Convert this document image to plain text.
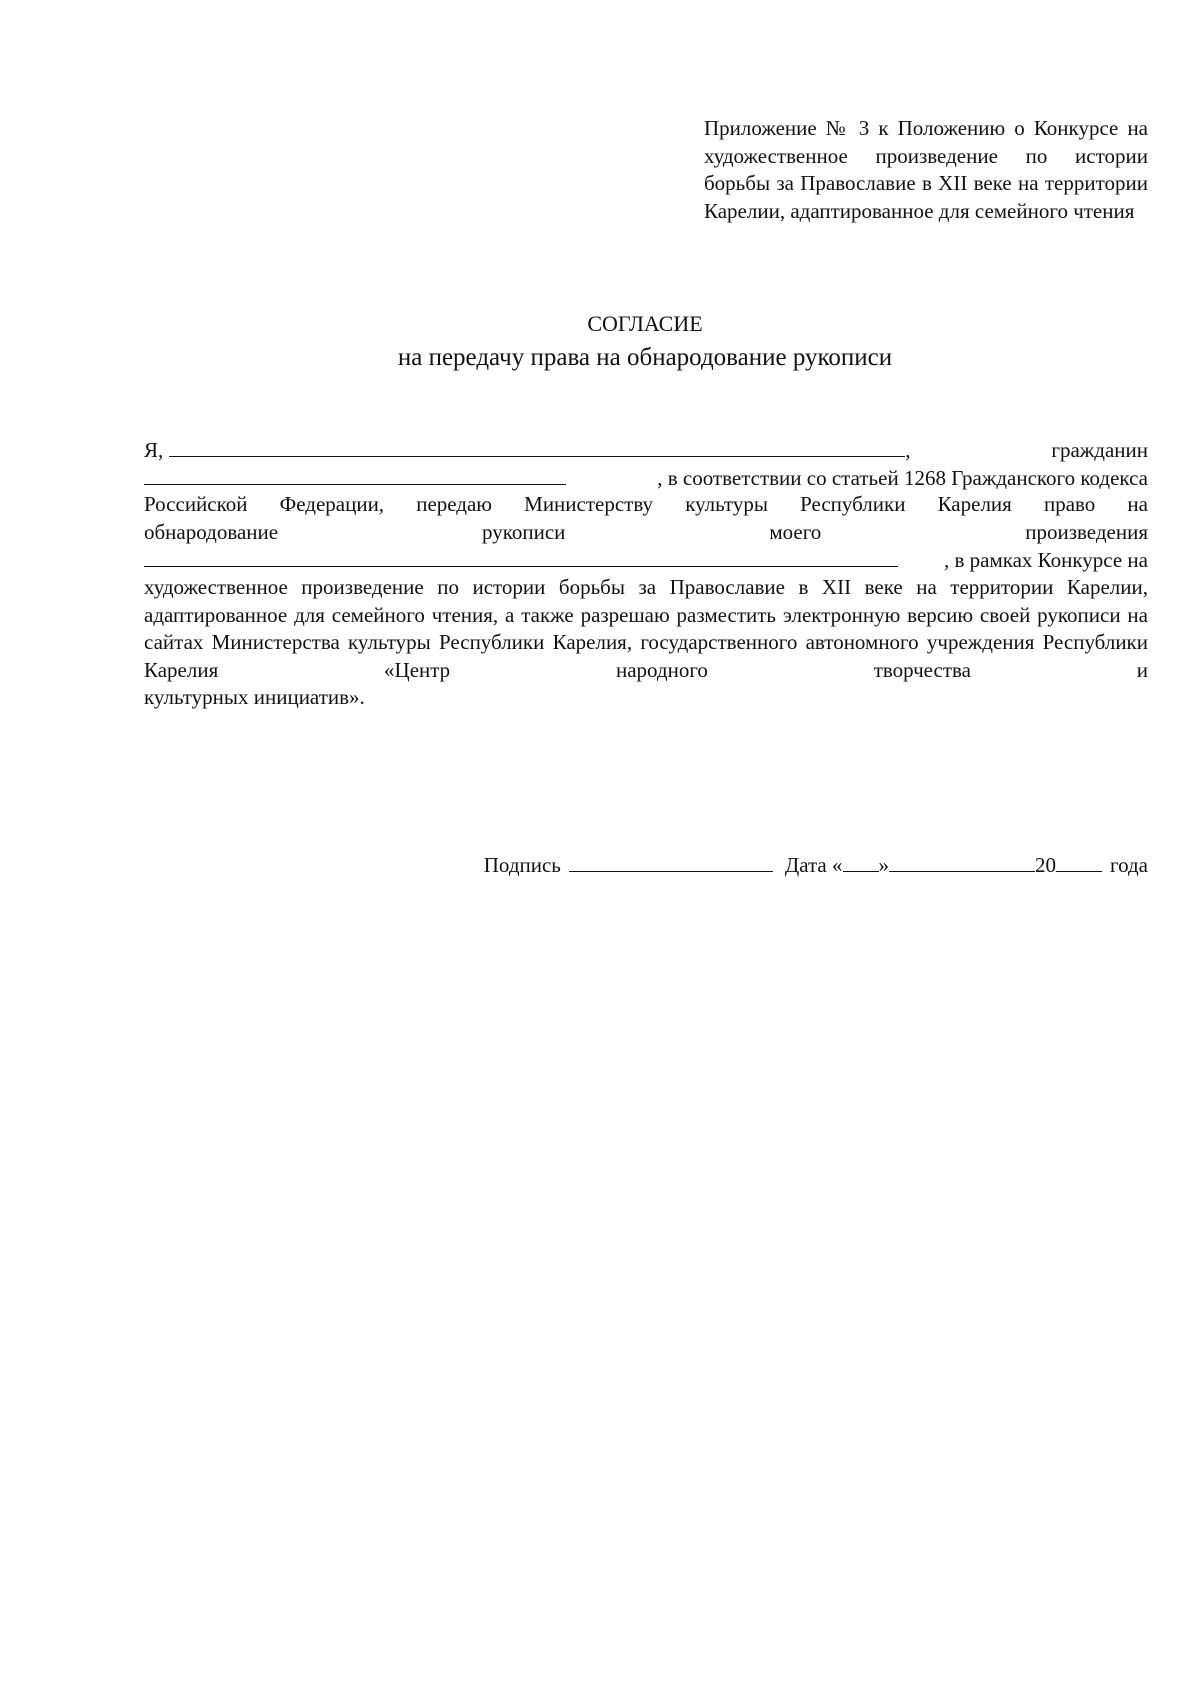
Приложение № 3 к Положению о Конкурсе на художественное произведение по истории борьбы за Православие в XII веке на территории Карелии, адаптированное для семейного чтения
СОГЛАСИЕ
на передачу права на обнародование рукописи
Я,	,	гражданин
, в соответствии со статьей 1268 Гражданского кодекса
Российской Федерации, передаю Министерству культуры Республики Карелия право на
обнародование	рукописи	моего	произведения
, в рамках Конкурсе на
художественное произведение по истории борьбы за Православие в XII веке на территории Карелии, адаптированное для семейного чтения, а также разрешаю разместить электронную версию своей рукописи на сайтах Министерства культуры Республики Карелия, государственного автономного учреждения Республики Карелия «Центр народного творчества и
культурных инициатив».
Подпись	Дата « »	20	года
